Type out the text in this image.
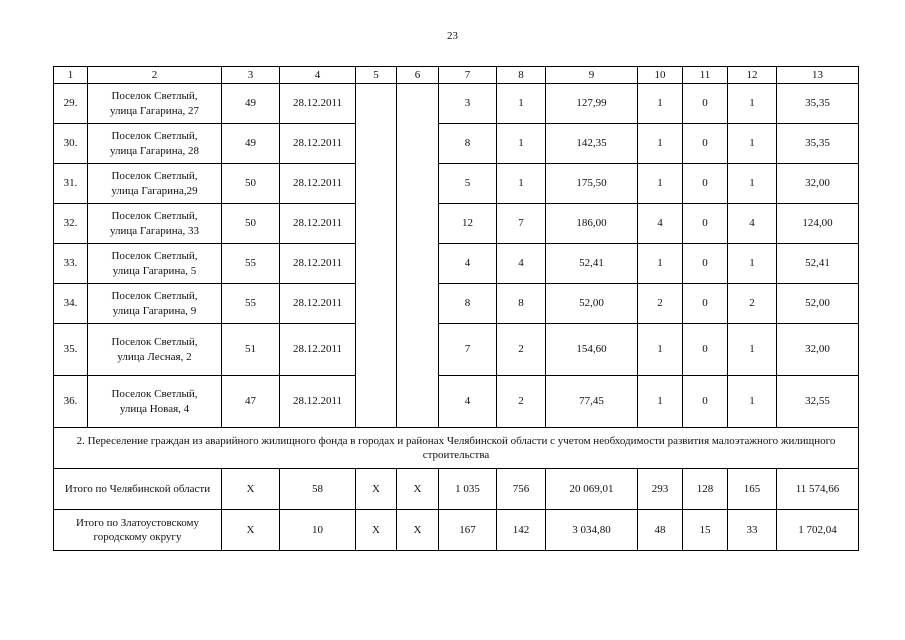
23
1	2	3	4	5	6	7	8	9	10	11	12	13
29.	Поселок Светлый,
улица Гагарина, 27	49	28.12.2011			3	1	127,99	1	0	1	35,35
30.	Поселок Светлый,
улица Гагарина, 28	49	28.12.2011			8	1	142,35	1	0	1	35,35
31.	Поселок Светлый,
улица Гагарина,29	50	28.12.2011			5	1	175,50	1	0	1	32,00
32.	Поселок Светлый,
улица Гагарина, 33	50	28.12.2011			12	7	186,00	4	0	4	124,00
33.	Поселок Светлый,
улица Гагарина, 5	55	28.12.2011			4	4	52,41	1	0	1	52,41
34.	Поселок Светлый,
улица Гагарина, 9	55	28.12.2011			8	8	52,00	2	0	2	52,00
35.	Поселок Светлый,
улица Лесная, 2	51	28.12.2011			7	2	154,60	1	0	1	32,00
36.	Поселок Светлый,
улица Новая, 4	47	28.12.2011			4	2	77,45	1	0	1	32,55
2. Переселение граждан из аварийного жилищного фонда в городах и районах Челябинской области с учетом необходимости развития малоэтажного жилищного строительства												
Итого по Челябинской области		Х	58	Х	Х	1 035	756	20 069,01	293	128	165	11 574,66
Итого по Златоустовскому городскому округу		Х	10	Х	Х	167	142	3 034,80	48	15	33	1 702,04
